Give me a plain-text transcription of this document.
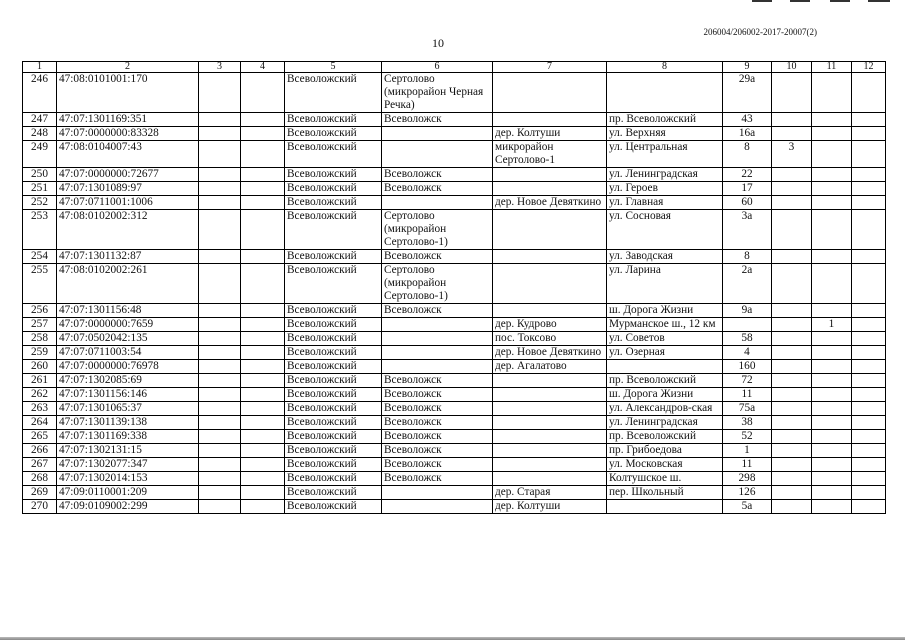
206004/206002-2017-20007(2)
10
1	2	3	4	5	6	7	8	9	10	11	12
246	47:08:0101001:170			Всеволожский	Сертолово (микрорайон Черная Речка)			29а			
247	47:07:1301169:351			Всеволожский	Всеволожск		пр. Всеволожский	43			
248	47:07:0000000:83328			Всеволожский		дер. Колтуши	ул. Верхняя	16а			
249	47:08:0104007:43			Всеволожский		микрорайон Сертолово-1	ул. Центральная	8	3		
250	47:07:0000000:72677			Всеволожский	Всеволожск		ул. Ленинградская	22			
251	47:07:1301089:97			Всеволожский	Всеволожск		ул. Героев	17			
252	47:07:0711001:1006			Всеволожский		дер. Новое Девяткино	ул. Главная	60			
253	47:08:0102002:312			Всеволожский	Сертолово (микрорайон Сертолово-1)		ул. Сосновая	3а			
254	47:07:1301132:87			Всеволожский	Всеволожск		ул. Заводская	8			
255	47:08:0102002:261			Всеволожский	Сертолово (микрорайон Сертолово-1)		ул. Ларина	2а			
256	47:07:1301156:48			Всеволожский	Всеволожск		ш. Дорога Жизни	9а			
257	47:07:0000000:7659			Всеволожский		дер. Кудрово	Мурманское ш., 12 км			1	
258	47:07:0502042:135			Всеволожский		пос. Токсово	ул. Советов	58			
259	47:07:0711003:54			Всеволожский		дер. Новое Девяткино	ул. Озерная	4			
260	47:07:0000000:76978			Всеволожский		дер. Агалатово		160			
261	47:07:1302085:69			Всеволожский	Всеволожск		пр. Всеволожский	72			
262	47:07:1301156:146			Всеволожский	Всеволожск		ш. Дорога Жизни	11			
263	47:07:1301065:37			Всеволожский	Всеволожск		ул. Александров-ская	75а			
264	47:07:1301139:138			Всеволожский	Всеволожск		ул. Ленинградская	38			
265	47:07:1301169:338			Всеволожский	Всеволожск		пр. Всеволожский	52			
266	47:07:1302131:15			Всеволожский	Всеволожск		пр. Грибоедова	1			
267	47:07:1302077:347			Всеволожский	Всеволожск		ул. Московская	11			
268	47:07:1302014:153			Всеволожский	Всеволожск		Колтушское ш.	298			
269	47:09:0110001:209			Всеволожский		дер. Старая	пер. Школьный	126			
270	47:09:0109002:299			Всеволожский		дер. Колтуши		5а			
